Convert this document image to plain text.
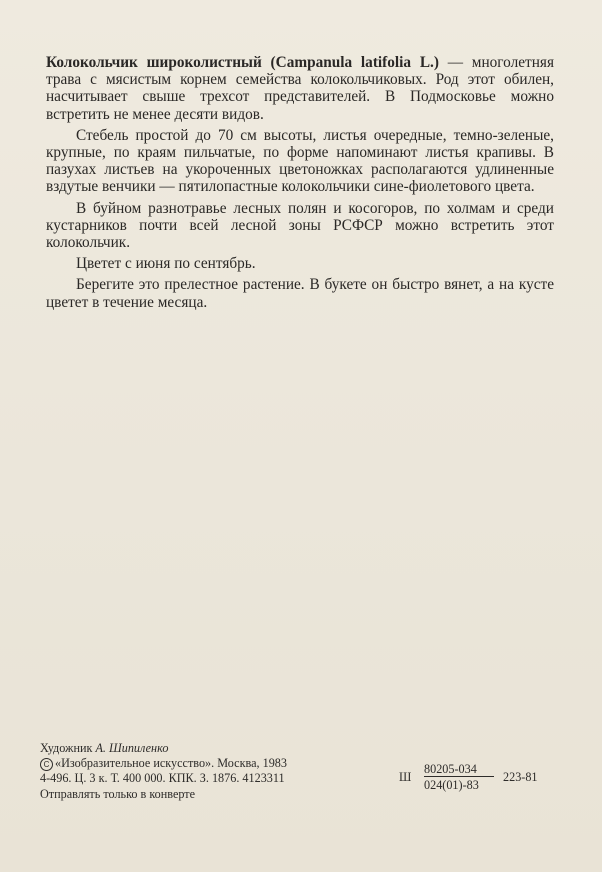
Колокольчик широколистный (Campanula latifolia L.) — многолетняя трава с мясистым корнем семейства колокольчиковых. Род этот обилен, насчитывает свыше трехсот представителей. В Подмосковье можно встретить не менее десяти видов.

Стебель простой до 70 см высоты, листья очередные, темно-зеленые, крупные, по краям пильчатые, по форме напоминают листья крапивы. В пазухах листьев на укороченных цветоножках располагаются удлиненные вздутые венчики — пятилопастные колокольчики сине-фиолетового цвета.

В буйном разнотравье лесных полян и косогоров, по холмам и среди кустарников почти всей лесной зоны РСФСР можно встретить этот колокольчик.

Цветет с июня по сентябрь.

Берегите это прелестное растение. В букете он быстро вянет, а на кусте цветет в течение месяца.

Художник А. Шипиленко
C «Изобразительное искусство». Москва, 1983
4-496. Ц. 3 к. Т. 400 000. КПК. З. 1876. 4123311
Отправлять только в конверте
Ш $\frac{80205-034}{024(01)-83} 223-81$
